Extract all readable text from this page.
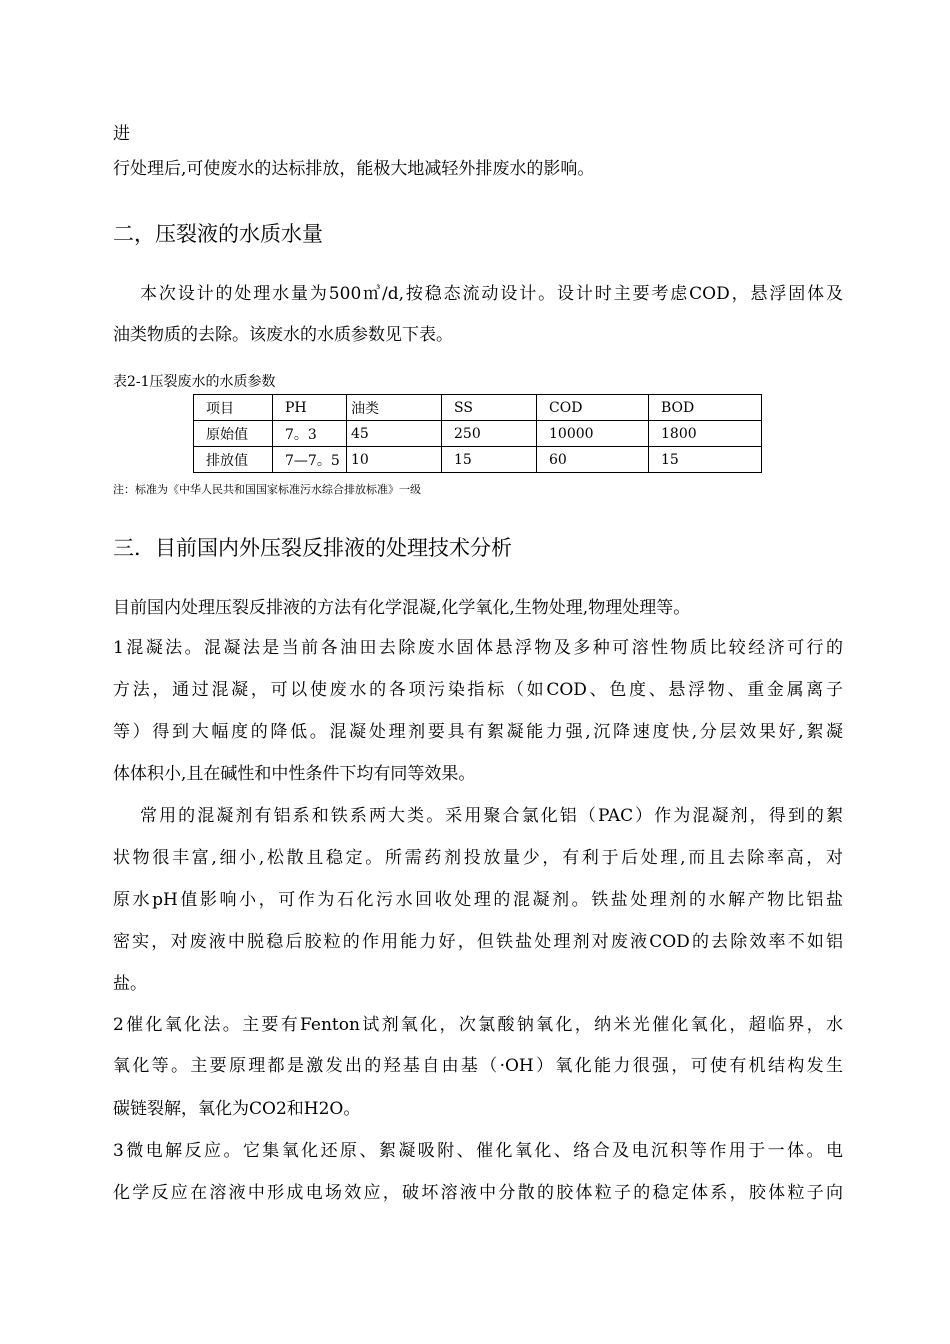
进
行处理后,可使废水的达标排放，能极大地减轻外排废水的影响。
二，压裂液的水质水量
本次设计的处理水量为500㎥/d,按稳态流动设计。设计时主要考虑COD，悬浮固体及
油类物质的去除。该废水的水质参数见下表。
表2-1压裂废水的水质参数
项目	PH	油类	SS	COD	BOD
原始值	7。3	45	250	10000	1800
排放值	7—7。5	10	15	60	15
注：标准为《中华人民共和国国家标准污水综合排放标准》一级
三．目前国内外压裂反排液的处理技术分析
目前国内处理压裂反排液的方法有化学混凝,化学氧化,生物处理,物理处理等。
1混凝法。混凝法是当前各油田去除废水固体悬浮物及多种可溶性物质比较经济可行的
方法，通过混凝，可以使废水的各项污染指标（如COD、色度、悬浮物、重金属离子
等）得到大幅度的降低。混凝处理剂要具有絮凝能力强,沉降速度快,分层效果好,絮凝
体体积小,且在碱性和中性条件下均有同等效果。
常用的混凝剂有铝系和铁系两大类。采用聚合氯化铝（PAC）作为混凝剂，得到的絮
状物很丰富,细小,松散且稳定。所需药剂投放量少，有利于后处理,而且去除率高，对
原水pH值影响小，可作为石化污水回收处理的混凝剂。铁盐处理剂的水解产物比铝盐
密实，对废液中脱稳后胶粒的作用能力好，但铁盐处理剂对废液COD的去除效率不如铝
盐。
2催化氧化法。主要有Fenton试剂氧化，次氯酸钠氧化，纳米光催化氧化，超临界，水
氧化等。主要原理都是激发出的羟基自由基（·OH）氧化能力很强，可使有机结构发生
碳链裂解，氧化为CO2和H2O。
3微电解反应。它集氧化还原、絮凝吸附、催化氧化、络合及电沉积等作用于一体。电
化学反应在溶液中形成电场效应，破坏溶液中分散的胶体粒子的稳定体系，胶体粒子向
